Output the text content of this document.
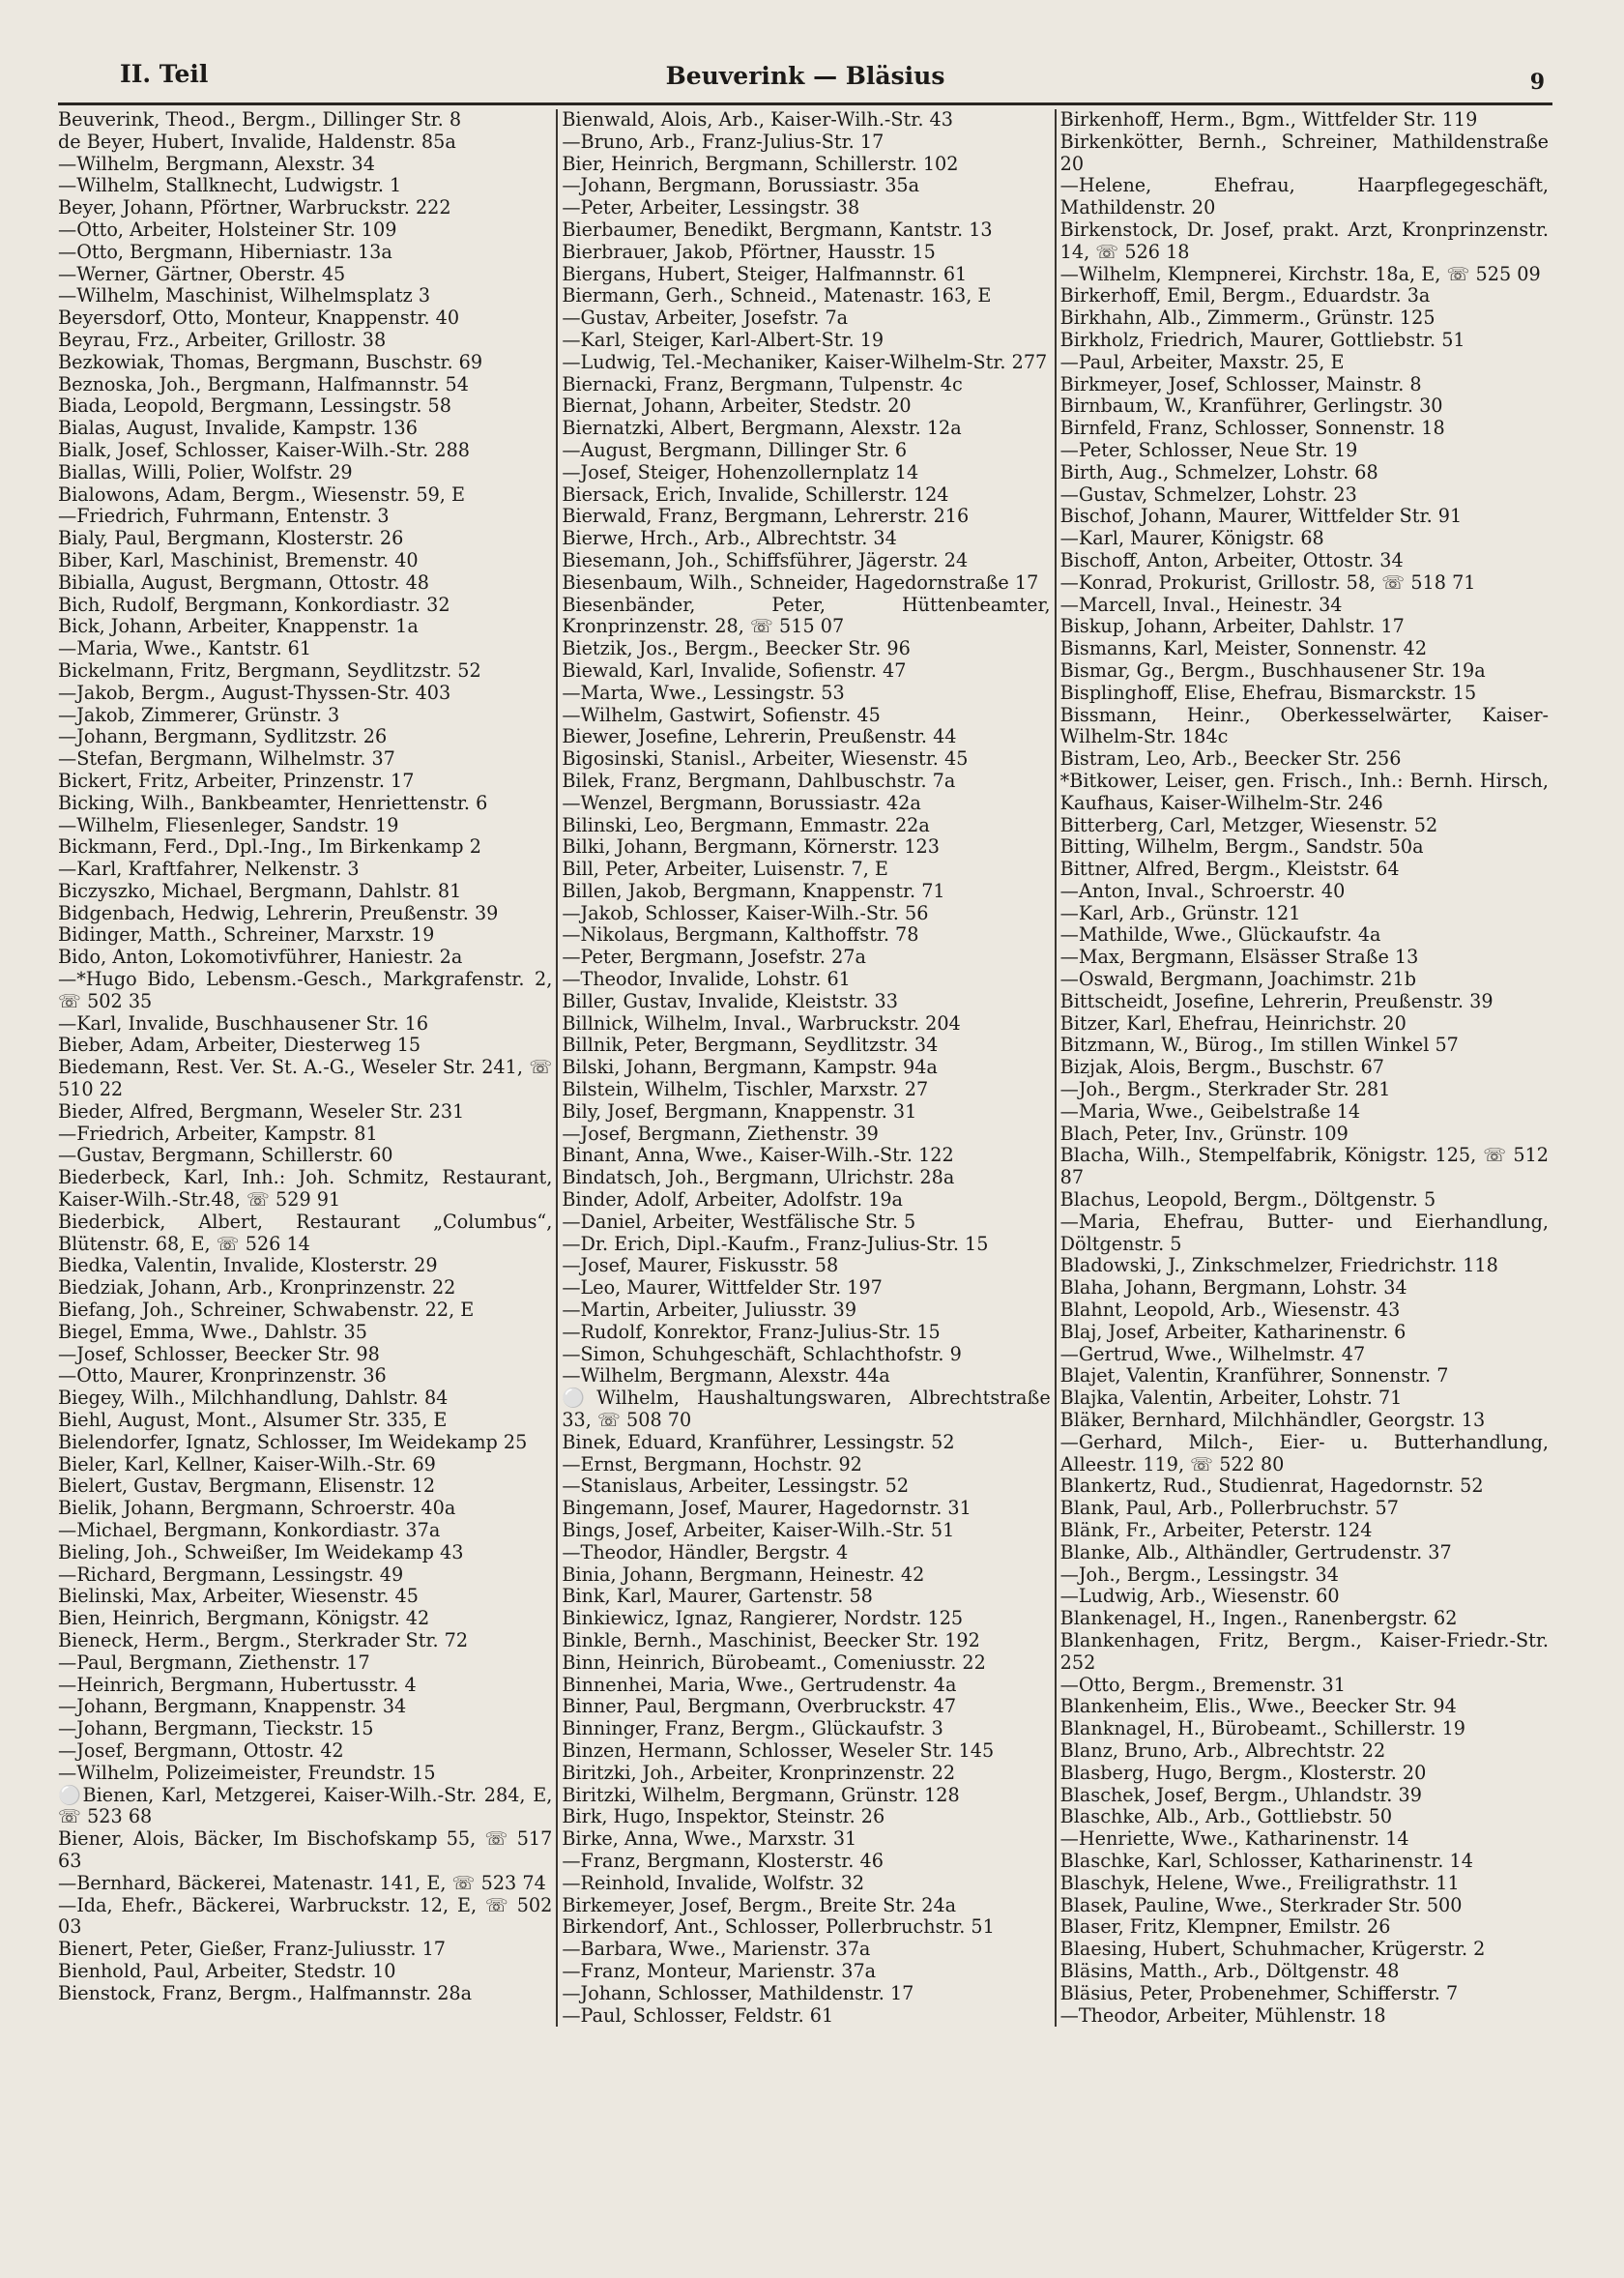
II. Teil	Beuverink — Bläsius	9

Beuverink, Theod., Bergm., Dillinger Str. 8

de Beyer, Hubert, Invalide, Haldenstr. 85a

—Wilhelm, Bergmann, Alexstr. 34

—Wilhelm, Stallknecht, Ludwigstr. 1

Beyer, Johann, Pförtner, Warbruckstr. 222

—Otto, Arbeiter, Holsteiner Str. 109

—Otto, Bergmann, Hiberniastr. 13a

—Werner, Gärtner, Oberstr. 45

—Wilhelm, Maschinist, Wilhelmsplatz 3

Beyersdorf, Otto, Monteur, Knappenstr. 40

Beyrau, Frz., Arbeiter, Grillostr. 38

Bezkowiak, Thomas, Bergmann, Buschstr. 69

Beznoska, Joh., Bergmann, Halfmannstr. 54

Biada, Leopold, Bergmann, Lessingstr. 58

Bialas, August, Invalide, Kampstr. 136

Bialk, Josef, Schlosser, Kaiser-Wilh.-Str. 288

Biallas, Willi, Polier, Wolfstr. 29

Bialowons, Adam, Bergm., Wiesenstr. 59, E

—Friedrich, Fuhrmann, Entenstr. 3

Bialy, Paul, Bergmann, Klosterstr. 26

Biber, Karl, Maschinist, Bremenstr. 40

Bibialla, August, Bergmann, Ottostr. 48

Bich, Rudolf, Bergmann, Konkordiastr. 32

Bick, Johann, Arbeiter, Knappenstr. 1a

—Maria, Wwe., Kantstr. 61

Bickelmann, Fritz, Bergmann, Seydlitzstr. 52

—Jakob, Bergm., August-Thyssen-Str. 403

—Jakob, Zimmerer, Grünstr. 3

—Johann, Bergmann, Sydlitzstr. 26

—Stefan, Bergmann, Wilhelmstr. 37

Bickert, Fritz, Arbeiter, Prinzenstr. 17

Bicking, Wilh., Bankbeamter, Henriettenstr. 6

—Wilhelm, Fliesenleger, Sandstr. 19

Bickmann, Ferd., Dpl.-Ing., Im Birkenkamp 2

—Karl, Kraftfahrer, Nelkenstr. 3

Biczyszko, Michael, Bergmann, Dahlstr. 81

Bidgenbach, Hedwig, Lehrerin, Preußenstr. 39

Bidinger, Matth., Schreiner, Marxstr. 19

Bido, Anton, Lokomotivführer, Haniestr. 2a

—*Hugo Bido, Lebensm.-Gesch., Markgrafenstr. 2, ☏ 502 35

—Karl, Invalide, Buschhausener Str. 16

Bieber, Adam, Arbeiter, Diesterweg 15

Biedemann, Rest. Ver. St. A.-G., Weseler Str. 241, ☏ 510 22

Bieder, Alfred, Bergmann, Weseler Str. 231

—Friedrich, Arbeiter, Kampstr. 81

—Gustav, Bergmann, Schillerstr. 60

Biederbeck, Karl, Inh.: Joh. Schmitz, Restaurant, Kaiser-Wilh.-Str.48, ☏ 529 91

Biederbick, Albert, Restaurant „Columbus“, Blütenstr. 68, E, ☏ 526 14

Biedka, Valentin, Invalide, Klosterstr. 29

Biedziak, Johann, Arb., Kronprinzenstr. 22

Biefang, Joh., Schreiner, Schwabenstr. 22, E

Biegel, Emma, Wwe., Dahlstr. 35

—Josef, Schlosser, Beecker Str. 98

—Otto, Maurer, Kronprinzenstr. 36

Biegey, Wilh., Milchhandlung, Dahlstr. 84

Biehl, August, Mont., Alsumer Str. 335, E

Bielendorfer, Ignatz, Schlosser, Im Weidekamp 25

Bieler, Karl, Kellner, Kaiser-Wilh.-Str. 69

Bielert, Gustav, Bergmann, Elisenstr. 12

Bielik, Johann, Bergmann, Schroerstr. 40a

—Michael, Bergmann, Konkordiastr. 37a

Bieling, Joh., Schweißer, Im Weidekamp 43

—Richard, Bergmann, Lessingstr. 49

Bielinski, Max, Arbeiter, Wiesenstr. 45

Bien, Heinrich, Bergmann, Königstr. 42

Bieneck, Herm., Bergm., Sterkrader Str. 72

—Paul, Bergmann, Ziethenstr. 17

—Heinrich, Bergmann, Hubertusstr. 4

—Johann, Bergmann, Knappenstr. 34

—Johann, Bergmann, Tieckstr. 15

—Josef, Bergmann, Ottostr. 42

—Wilhelm, Polizeimeister, Freundstr. 15

⚪Bienen, Karl, Metzgerei, Kaiser-Wilh.-Str. 284, E, ☏ 523 68

Biener, Alois, Bäcker, Im Bischofskamp 55, ☏ 517 63

—Bernhard, Bäckerei, Matenastr. 141, E, ☏ 523 74

—Ida, Ehefr., Bäckerei, Warbruckstr. 12, E, ☏ 502 03

Bienert, Peter, Gießer, Franz-Juliusstr. 17

Bienhold, Paul, Arbeiter, Stedstr. 10

Bienstock, Franz, Bergm., Halfmannstr. 28a

Bienwald, Alois, Arb., Kaiser-Wilh.-Str. 43

—Bruno, Arb., Franz-Julius-Str. 17

Bier, Heinrich, Bergmann, Schillerstr. 102

—Johann, Bergmann, Borussiastr. 35a

—Peter, Arbeiter, Lessingstr. 38

Bierbaumer, Benedikt, Bergmann, Kantstr. 13

Bierbrauer, Jakob, Pförtner, Hausstr. 15

Biergans, Hubert, Steiger, Halfmannstr. 61

Biermann, Gerh., Schneid., Matenastr. 163, E

—Gustav, Arbeiter, Josefstr. 7a

—Karl, Steiger, Karl-Albert-Str. 19

—Ludwig, Tel.-Mechaniker, Kaiser-Wilhelm-Str. 277

Biernacki, Franz, Bergmann, Tulpenstr. 4c

Biernat, Johann, Arbeiter, Stedstr. 20

Biernatzki, Albert, Bergmann, Alexstr. 12a

—August, Bergmann, Dillinger Str. 6

—Josef, Steiger, Hohenzollernplatz 14

Biersack, Erich, Invalide, Schillerstr. 124

Bierwald, Franz, Bergmann, Lehrerstr. 216

Bierwe, Hrch., Arb., Albrechtstr. 34

Biesemann, Joh., Schiffsführer, Jägerstr. 24

Biesenbaum, Wilh., Schneider, Hagedornstraße 17

Biesenbänder, Peter, Hüttenbeamter, Kronprinzenstr. 28, ☏ 515 07

Bietzik, Jos., Bergm., Beecker Str. 96

Biewald, Karl, Invalide, Sofienstr. 47

—Marta, Wwe., Lessingstr. 53

—Wilhelm, Gastwirt, Sofienstr. 45

Biewer, Josefine, Lehrerin, Preußenstr. 44

Bigosinski, Stanisl., Arbeiter, Wiesenstr. 45

Bilek, Franz, Bergmann, Dahlbuschstr. 7a

—Wenzel, Bergmann, Borussiastr. 42a

Bilinski, Leo, Bergmann, Emmastr. 22a

Bilki, Johann, Bergmann, Körnerstr. 123

Bill, Peter, Arbeiter, Luisenstr. 7, E

Billen, Jakob, Bergmann, Knappenstr. 71

—Jakob, Schlosser, Kaiser-Wilh.-Str. 56

—Nikolaus, Bergmann, Kalthoffstr. 78

—Peter, Bergmann, Josefstr. 27a

—Theodor, Invalide, Lohstr. 61

Biller, Gustav, Invalide, Kleiststr. 33

Billnick, Wilhelm, Inval., Warbruckstr. 204

Billnik, Peter, Bergmann, Seydlitzstr. 34

Bilski, Johann, Bergmann, Kampstr. 94a

Bilstein, Wilhelm, Tischler, Marxstr. 27

Bily, Josef, Bergmann, Knappenstr. 31

—Josef, Bergmann, Ziethenstr. 39

Binant, Anna, Wwe., Kaiser-Wilh.-Str. 122

Bindatsch, Joh., Bergmann, Ulrichstr. 28a

Binder, Adolf, Arbeiter, Adolfstr. 19a

—Daniel, Arbeiter, Westfälische Str. 5

—Dr. Erich, Dipl.-Kaufm., Franz-Julius-Str. 15

—Josef, Maurer, Fiskusstr. 58

—Leo, Maurer, Wittfelder Str. 197

—Martin, Arbeiter, Juliusstr. 39

—Rudolf, Konrektor, Franz-Julius-Str. 15

—Simon, Schuhgeschäft, Schlachthofstr. 9

—Wilhelm, Bergmann, Alexstr. 44a

⚪Wilhelm, Haushaltungswaren, Albrechtstraße 33, ☏ 508 70

Binek, Eduard, Kranführer, Lessingstr. 52

—Ernst, Bergmann, Hochstr. 92

—Stanislaus, Arbeiter, Lessingstr. 52

Bingemann, Josef, Maurer, Hagedornstr. 31

Bings, Josef, Arbeiter, Kaiser-Wilh.-Str. 51

—Theodor, Händler, Bergstr. 4

Binia, Johann, Bergmann, Heinestr. 42

Bink, Karl, Maurer, Gartenstr. 58

Binkiewicz, Ignaz, Rangierer, Nordstr. 125

Binkle, Bernh., Maschinist, Beecker Str. 192

Binn, Heinrich, Bürobeamt., Comeniusstr. 22

Binnenhei, Maria, Wwe., Gertrudenstr. 4a

Binner, Paul, Bergmann, Overbruckstr. 47

Binninger, Franz, Bergm., Glückaufstr. 3

Binzen, Hermann, Schlosser, Weseler Str. 145

Biritzki, Joh., Arbeiter, Kronprinzenstr. 22

Biritzki, Wilhelm, Bergmann, Grünstr. 128

Birk, Hugo, Inspektor, Steinstr. 26

Birke, Anna, Wwe., Marxstr. 31

—Franz, Bergmann, Klosterstr. 46

—Reinhold, Invalide, Wolfstr. 32

Birkemeyer, Josef, Bergm., Breite Str. 24a

Birkendorf, Ant., Schlosser, Pollerbruchstr. 51

—Barbara, Wwe., Marienstr. 37a

—Franz, Monteur, Marienstr. 37a

—Johann, Schlosser, Mathildenstr. 17

—Paul, Schlosser, Feldstr. 61

Birkenhoff, Herm., Bgm., Wittfelder Str. 119

Birkenkötter, Bernh., Schreiner, Mathildenstraße 20

—Helene, Ehefrau, Haarpflegegeschäft, Mathildenstr. 20

Birkenstock, Dr. Josef, prakt. Arzt, Kronprinzenstr. 14, ☏ 526 18

—Wilhelm, Klempnerei, Kirchstr. 18a, E, ☏ 525 09

Birkerhoff, Emil, Bergm., Eduardstr. 3a

Birkhahn, Alb., Zimmerm., Grünstr. 125

Birkholz, Friedrich, Maurer, Gottliebstr. 51

—Paul, Arbeiter, Maxstr. 25, E

Birkmeyer, Josef, Schlosser, Mainstr. 8

Birnbaum, W., Kranführer, Gerlingstr. 30

Birnfeld, Franz, Schlosser, Sonnenstr. 18

—Peter, Schlosser, Neue Str. 19

Birth, Aug., Schmelzer, Lohstr. 68

—Gustav, Schmelzer, Lohstr. 23

Bischof, Johann, Maurer, Wittfelder Str. 91

—Karl, Maurer, Königstr. 68

Bischoff, Anton, Arbeiter, Ottostr. 34

—Konrad, Prokurist, Grillostr. 58, ☏ 518 71

—Marcell, Inval., Heinestr. 34

Biskup, Johann, Arbeiter, Dahlstr. 17

Bismanns, Karl, Meister, Sonnenstr. 42

Bismar, Gg., Bergm., Buschhausener Str. 19a

Bisplinghoff, Elise, Ehefrau, Bismarckstr. 15

Bissmann, Heinr., Oberkesselwärter, Kaiser-Wilhelm-Str. 184c

Bistram, Leo, Arb., Beecker Str. 256

*Bitkower, Leiser, gen. Frisch., Inh.: Bernh. Hirsch, Kaufhaus, Kaiser-Wilhelm-Str. 246

Bitterberg, Carl, Metzger, Wiesenstr. 52

Bitting, Wilhelm, Bergm., Sandstr. 50a

Bittner, Alfred, Bergm., Kleiststr. 64

—Anton, Inval., Schroerstr. 40

—Karl, Arb., Grünstr. 121

—Mathilde, Wwe., Glückaufstr. 4a

—Max, Bergmann, Elsässer Straße 13

—Oswald, Bergmann, Joachimstr. 21b

Bittscheidt, Josefine, Lehrerin, Preußenstr. 39

Bitzer, Karl, Ehefrau, Heinrichstr. 20

Bitzmann, W., Bürog., Im stillen Winkel 57

Bizjak, Alois, Bergm., Buschstr. 67

—Joh., Bergm., Sterkrader Str. 281

—Maria, Wwe., Geibelstraße 14

Blach, Peter, Inv., Grünstr. 109

Blacha, Wilh., Stempelfabrik, Königstr. 125, ☏ 512 87

Blachus, Leopold, Bergm., Döltgenstr. 5

—Maria, Ehefrau, Butter- und Eierhandlung, Döltgenstr. 5

Bladowski, J., Zinkschmelzer, Friedrichstr. 118

Blaha, Johann, Bergmann, Lohstr. 34

Blahnt, Leopold, Arb., Wiesenstr. 43

Blaj, Josef, Arbeiter, Katharinenstr. 6

—Gertrud, Wwe., Wilhelmstr. 47

Blajet, Valentin, Kranführer, Sonnenstr. 7

Blajka, Valentin, Arbeiter, Lohstr. 71

Bläker, Bernhard, Milchhändler, Georgstr. 13

—Gerhard, Milch-, Eier- u. Butterhandlung, Alleestr. 119, ☏ 522 80

Blankertz, Rud., Studienrat, Hagedornstr. 52

Blank, Paul, Arb., Pollerbruchstr. 57

Blänk, Fr., Arbeiter, Peterstr. 124

Blanke, Alb., Althändler, Gertrudenstr. 37

—Joh., Bergm., Lessingstr. 34

—Ludwig, Arb., Wiesenstr. 60

Blankenagel, H., Ingen., Ranenbergstr. 62

Blankenhagen, Fritz, Bergm., Kaiser-Friedr.-Str. 252

—Otto, Bergm., Bremenstr. 31

Blankenheim, Elis., Wwe., Beecker Str. 94

Blanknagel, H., Bürobeamt., Schillerstr. 19

Blanz, Bruno, Arb., Albrechtstr. 22

Blasberg, Hugo, Bergm., Klosterstr. 20

Blaschek, Josef, Bergm., Uhlandstr. 39

Blaschke, Alb., Arb., Gottliebstr. 50

—Henriette, Wwe., Katharinenstr. 14

Blaschke, Karl, Schlosser, Katharinenstr. 14

Blaschyk, Helene, Wwe., Freiligrathstr. 11

Blasek, Pauline, Wwe., Sterkrader Str. 500

Blaser, Fritz, Klempner, Emilstr. 26

Blaesing, Hubert, Schuhmacher, Krügerstr. 2

Bläsins, Matth., Arb., Döltgenstr. 48

Bläsius, Peter, Probenehmer, Schifferstr. 7

—Theodor, Arbeiter, Mühlenstr. 18
